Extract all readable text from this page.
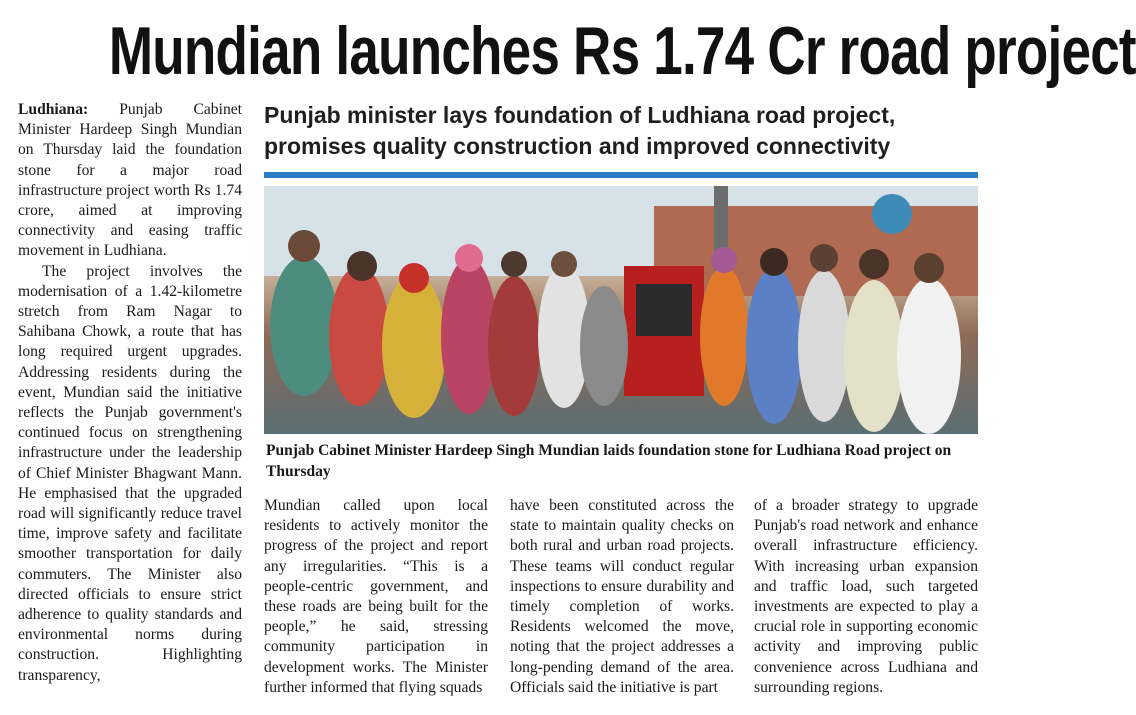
Mundian launches Rs 1.74 Cr road project

Ludhiana: Punjab Cabinet Minister Hardeep Singh Mundian on Thursday laid the foundation stone for a major road infrastructure project worth Rs 1.74 crore, aimed at improving connectivity and easing traffic movement in Ludhiana.

The project involves the modernisation of a 1.42-kilometre stretch from Ram Nagar to Sahibana Chowk, a route that has long required urgent upgrades. Addressing residents during the event, Mundian said the initiative reflects the Punjab government's continued focus on strengthening infrastructure under the leadership of Chief Minister Bhagwant Mann. He emphasised that the upgraded road will significantly reduce travel time, improve safety and facilitate smoother transportation for daily commuters. The Minister also directed officials to ensure strict adherence to quality standards and environmental norms during construction. Highlighting transparency,

Punjab minister lays foundation of Ludhiana road project,
promises quality construction and improved connectivity
Punjab Cabinet Minister Hardeep Singh Mundian laids foundation stone for Ludhiana Road project on Thursday

Mundian called upon local residents to actively monitor the progress of the project and report any irregularities. “This is a people-centric government, and these roads are being built for the people,” he said, stressing community participation in development works. The Minister further informed that flying squads

have been constituted across the state to maintain quality checks on both rural and urban road projects. These teams will conduct regular inspections to ensure durability and timely completion of works. Residents welcomed the move, noting that the project addresses a long-pending demand of the area. Officials said the initiative is part

of a broader strategy to upgrade Punjab's road network and enhance overall infrastructure efficiency. With increasing urban expansion and traffic load, such targeted investments are expected to play a crucial role in supporting economic activity and improving public convenience across Ludhiana and surrounding regions.
